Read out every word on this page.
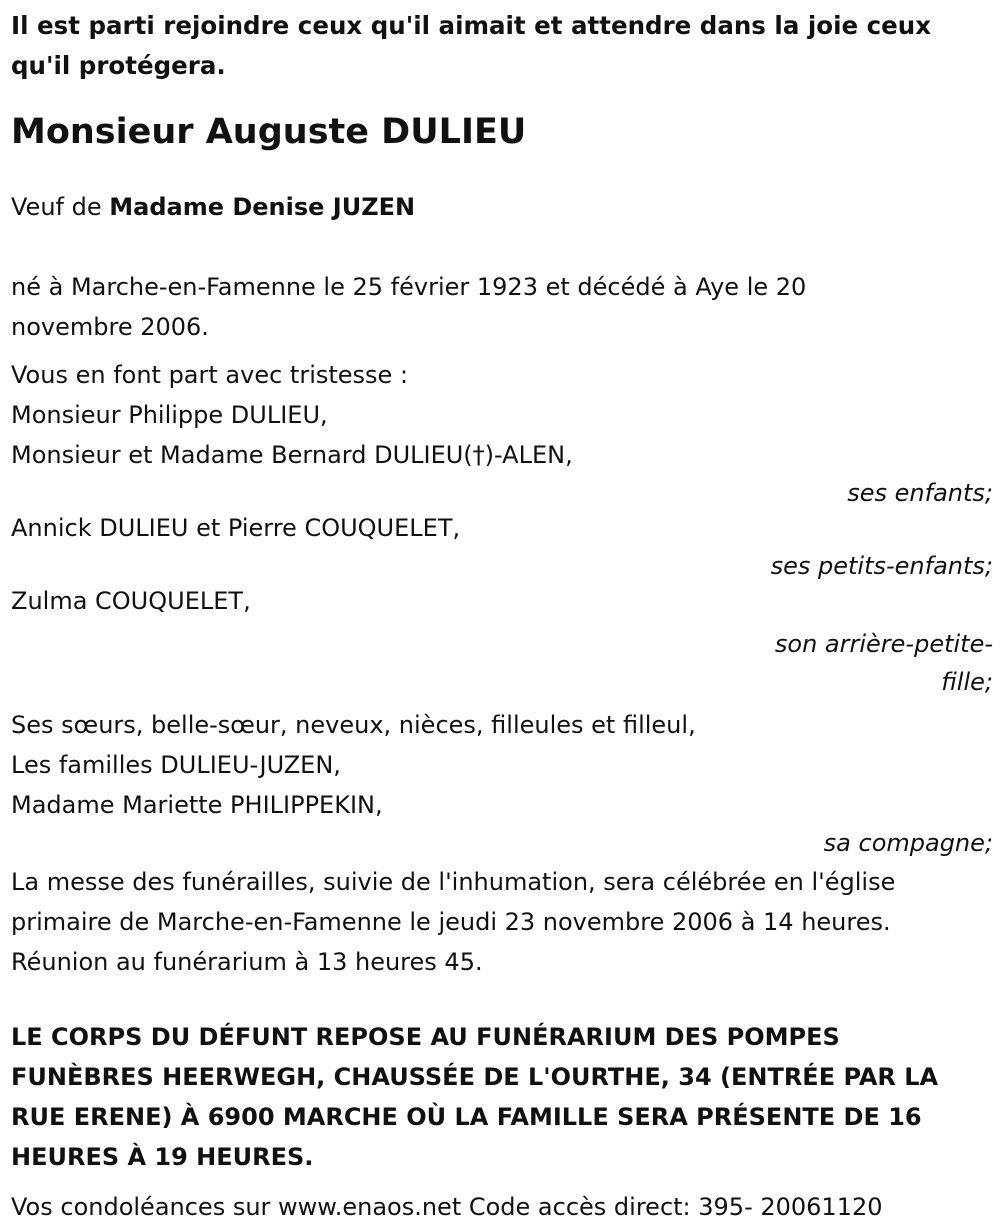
Il est parti rejoindre ceux qu'il aimait et attendre dans la joie ceux
qu'il protégera.

Monsieur Auguste DULIEU

Veuf de Madame Denise JUZEN

né à Marche-en-Famenne le 25 février 1923 et décédé à Aye le 20
novembre 2006.

Vous en font part avec tristesse :

Monsieur Philippe DULIEU,

Monsieur et Madame Bernard DULIEU(†)-ALEN,

ses enfants;

Annick DULIEU et Pierre COUQUELET,

ses petits-enfants;

Zulma COUQUELET,

son arrière-petite-
fille;

Ses sœurs, belle-sœur, neveux, nièces, filleules et filleul,

Les familles DULIEU-JUZEN,

Madame Mariette PHILIPPEKIN,

sa compagne;

La messe des funérailles, suivie de l'inhumation, sera célébrée en l'église
primaire de Marche-en-Famenne le jeudi 23 novembre 2006 à 14 heures.
Réunion au funérarium à 13 heures 45.

LE CORPS DU DÉFUNT REPOSE AU FUNÉRARIUM DES POMPES
FUNÈBRES HEERWEGH, CHAUSSÉE DE L'OURTHE, 34 (ENTRÉE PAR LA
RUE ERENE) À 6900 MARCHE OÙ LA FAMILLE SERA PRÉSENTE DE 16
HEURES À 19 HEURES.

Vos condoléances sur www.enaos.net Code accès direct: 395- 20061120
